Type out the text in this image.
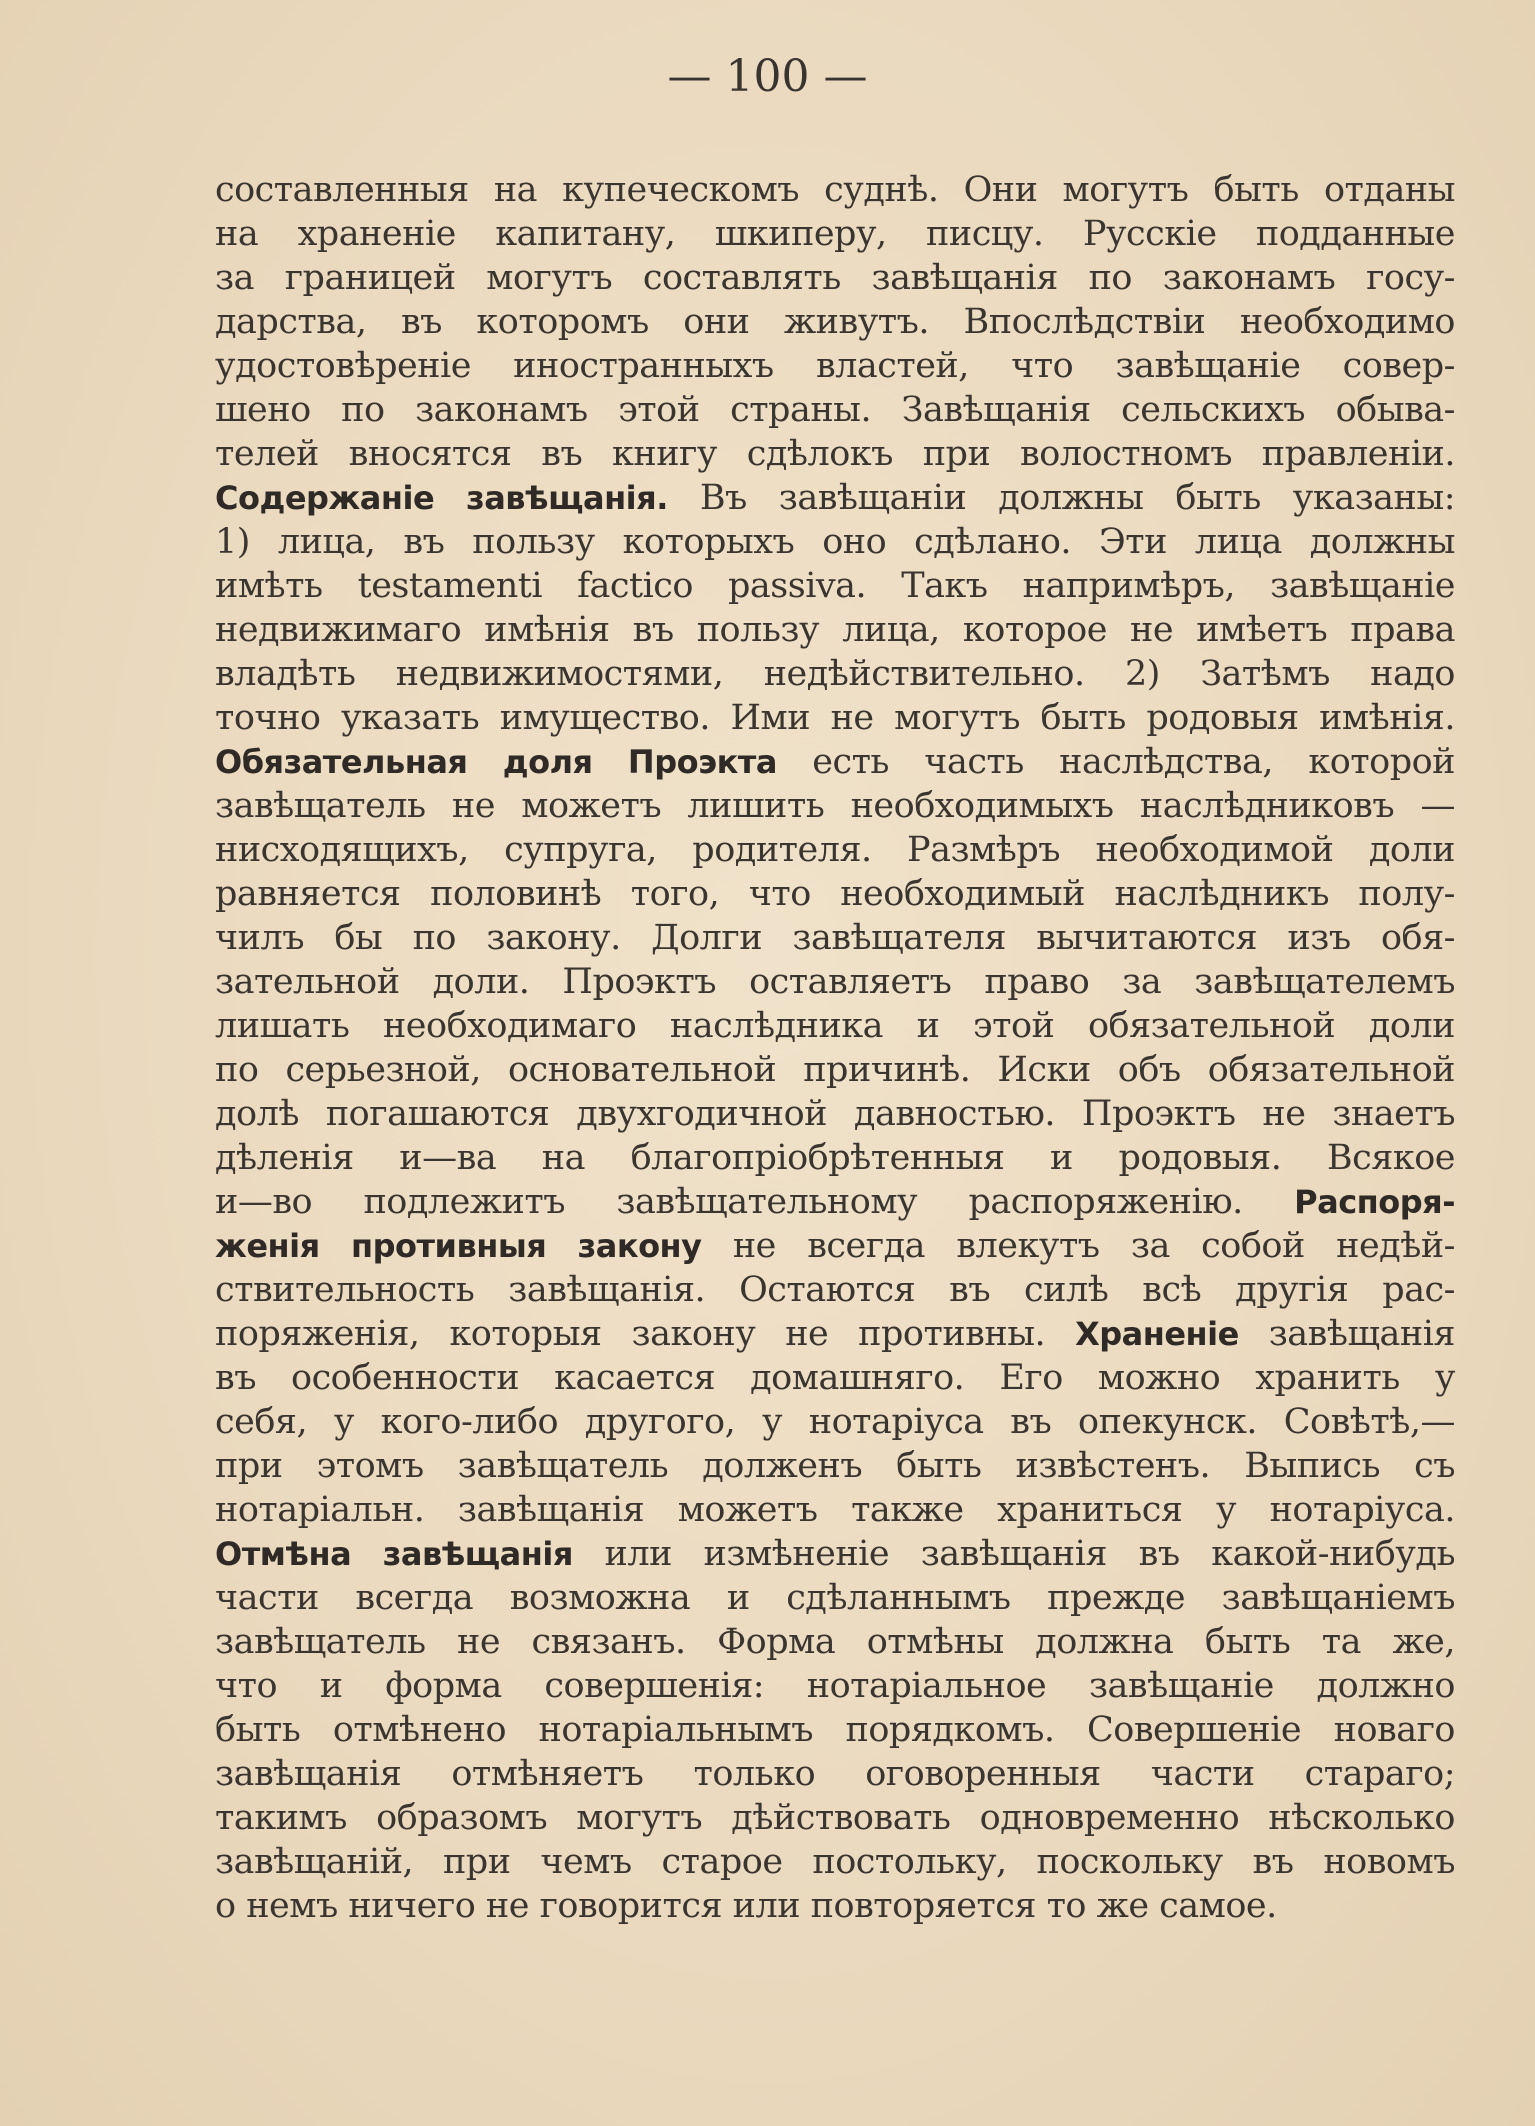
— 100 —
составленныя на купеческомъ суднѣ. Они могутъ быть отданы
на храненіе капитану, шкиперу, писцу. Русскіе подданные
за границей могутъ составлять завѣщанія по законамъ госу-
дарства, въ которомъ они живутъ. Впослѣдствіи необходимо
удостовѣреніе иностранныхъ властей, что завѣщаніе совер-
шено по законамъ этой страны. Завѣщанія сельскихъ обыва-
телей вносятся въ книгу сдѣлокъ при волостномъ правленіи.
Содержаніе завѣщанія. Въ завѣщаніи должны быть указаны:
1) лица, въ пользу которыхъ оно сдѣлано. Эти лица должны
имѣть testamenti factico passiva. Такъ напримѣръ, завѣщаніе
недвижимаго имѣнія въ пользу лица, которое не имѣетъ права
владѣть недвижимостями, недѣйствительно. 2) Затѣмъ надо
точно указать имущество. Ими не могутъ быть родовыя имѣнія.
Обязательная доля Проэкта есть часть наслѣдства, которой
завѣщатель не можетъ лишить необходимыхъ наслѣдниковъ —
нисходящихъ, супруга, родителя. Размѣръ необходимой доли
равняется половинѣ того, что необходимый наслѣдникъ полу-
чилъ бы по закону. Долги завѣщателя вычитаются изъ обя-
зательной доли. Проэктъ оставляетъ право за завѣщателемъ
лишать необходимаго наслѣдника и этой обязательной доли
по серьезной, основательной причинѣ. Иски объ обязательной
долѣ погашаются двухгодичной давностью. Проэктъ не знаетъ
дѣленія и—ва на благопріобрѣтенныя и родовыя. Всякое
и—во подлежитъ завѣщательному распоряженію. Распоря-
женія противныя закону не всегда влекутъ за собой недѣй-
ствительность завѣщанія. Остаются въ силѣ всѣ другія рас-
поряженія, которыя закону не противны. Храненіе завѣщанія
въ особенности касается домашняго. Его можно хранить у
себя, у кого-либо другого, у нотаріуса въ опекунск. Совѣтѣ,—
при этомъ завѣщатель долженъ быть извѣстенъ. Выпись съ
нотаріальн. завѣщанія можетъ также храниться у нотаріуса.
Отмѣна завѣщанія или измѣненіе завѣщанія въ какой-нибудь
части всегда возможна и сдѣланнымъ прежде завѣщаніемъ
завѣщатель не связанъ. Форма отмѣны должна быть та же,
что и форма совершенія: нотаріальное завѣщаніе должно
быть отмѣнено нотаріальнымъ порядкомъ. Совершеніе новаго
завѣщанія отмѣняетъ только оговоренныя части стараго;
такимъ образомъ могутъ дѣйствовать одновременно нѣсколько
завѣщаній, при чемъ старое постольку, поскольку въ новомъ
о немъ ничего не говорится или повторяется то же самое.
